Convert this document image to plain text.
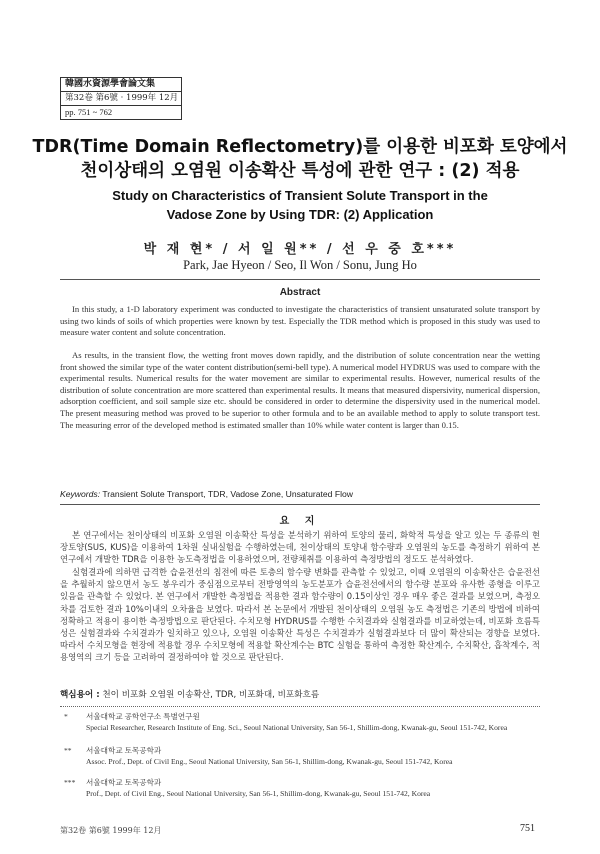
韓國水資源學會論文集
第32卷 第6號 · 1999年 12月
pp. 751 ~ 762
TDR(Time Domain Reflectometry)를 이용한 비포화 토양에서
천이상태의 오염원 이송확산 특성에 관한 연구 : (2) 적용
Study on Characteristics of Transient Solute Transport in the
Vadose Zone by Using TDR: (2) Application
박 재 현* / 서 일 원** / 선 우 중 호***
Park, Jae Hyeon / Seo, Il Won / Sonu, Jung Ho
Abstract
In this study, a 1-D laboratory experiment was conducted to investigate the characteristics of transient unsaturated solute transport by using two kinds of soils of which properties were known by test. Especially the TDR method which is proposed in this study was used to measure water content and solute concentration.
As results, in the transient flow, the wetting front moves down rapidly, and the distribution of solute concentration near the wetting front showed the similar type of the water content distribution(semi-bell type). A numerical model HYDRUS was used to compare with the experimental results. Numerical results for the water movement are similar to experimental results. However, numerical results of the distribution of solute concentration are more scattered than experimental results. It means that measured dispersivity, numerical dispersion, adsorption coefficient, and soil sample size etc. should be considered in order to determine the dispersivity used in the numerical model. The present measuring method was proved to be superior to other formula and to be an available method to apply to solute transport test. The measuring error of the developed method is estimated smaller than 10% while water content is larger than 0.15.
Keywords: Transient Solute Transport, TDR, Vadose Zone, Unsaturated Flow
요 지
본 연구에서는 천이상태의 비포화 오염원 이송확산 특성을 분석하기 위하여 토양의 물리, 화학적 특성을 알고 있는 두 종류의 현장토양(SUS, KUS)을 이용하여 1차원 실내실험을 수행하였는데, 천이상태의 토양내 함수량과 오염원의 농도를 측정하기 위하여 본 연구에서 개발한 TDR을 이용한 농도측정법을 이용하였으며, 전량채취를 이용하여 측정방법의 정도도 분석하였다.
실험결과에 의하면 급격한 습윤전선의 침전에 따른 토층의 함수량 변화를 관측할 수 있었고, 이때 오염원의 이송확산은 습윤전선을 추월하지 않으면서 농도 봉우리가 중심점으로부터 전방영역의 농도분포가 습윤전선에서의 함수량 분포와 유사한 종형을 이루고 있음을 관측할 수 있었다. 본 연구에서 개발한 측정법을 적용한 결과 함수량이 0.15이상인 경우 매우 좋은 결과를 보였으며, 측정오차를 검토한 결과 10%이내의 오차율을 보였다. 따라서 본 논문에서 개발된 천이상태의 오염원 농도 측정법은 기존의 방법에 비하여 정확하고 적용이 용이한 측정방법으로 판단된다. 수치모형 HYDRUS를 수행한 수치결과와 실험결과를 비교하였는데, 비포화 흐름특성은 실험결과와 수치결과가 일치하고 있으나, 오염원 이송확산 특성은 수치결과가 실험결과보다 더 많이 확산되는 경향을 보였다. 따라서 수치모형을 현장에 적용할 경우 수치모형에 적용할 확산계수는 BTC 실험을 통하여 측정한 확산계수, 수치확산, 흡착계수, 적용영역의 크기 등을 고려하여 결정하여야 할 것으로 판단된다.
핵심용어 : 천이 비포화 오염원 이송확산, TDR, 비포화대, 비포화흐름
* 서울대학교 공학연구소 특별연구원
Special Researcher, Research Institute of Eng. Sci., Seoul National University, San 56-1, Shillim-dong, Kwanak-gu, Seoul 151-742, Korea
** 서울대학교 토목공학과
Assoc. Prof., Dept. of Civil Eng., Seoul National University, San 56-1, Shillim-dong, Kwanak-gu, Seoul 151-742, Korea
*** 서울대학교 토목공학과
Prof., Dept. of Civil Eng., Seoul National University, San 56-1, Shillim-dong, Kwanak-gu, Seoul 151-742, Korea
第32卷 第6號 1999年 12月	751
